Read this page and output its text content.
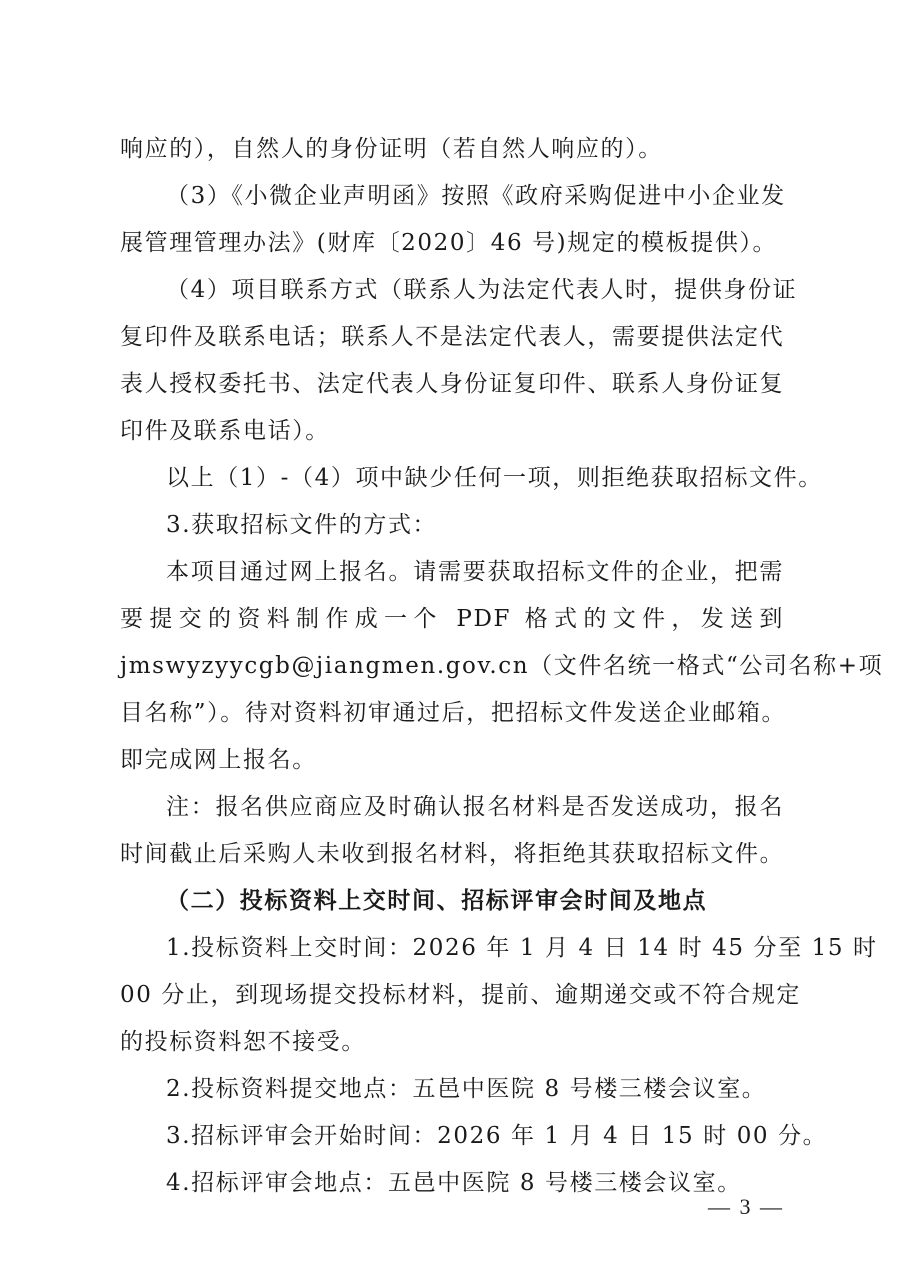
响应的），自然人的身份证明（若自然人响应的）。
（3）《小微企业声明函》按照《政府采购促进中小企业发
展管理管理办法》(财库〔2020〕46 号)规定的模板提供）。
（4）项目联系方式（联系人为法定代表人时，提供身份证
复印件及联系电话；联系人不是法定代表人，需要提供法定代
表人授权委托书、法定代表人身份证复印件、联系人身份证复
印件及联系电话）。
以上（1）-（4）项中缺少任何一项，则拒绝获取招标文件。
3.获取招标文件的方式：
本项目通过网上报名。请需要获取招标文件的企业，把需
要提交的资料制作成一个 PDF 格式的文件，发送到
jmswyzyycgb@jiangmen.gov.cn（文件名统一格式“公司名称+项
目名称”）。待对资料初审通过后，把招标文件发送企业邮箱。
即完成网上报名。
注：报名供应商应及时确认报名材料是否发送成功，报名
时间截止后采购人未收到报名材料，将拒绝其获取招标文件。
（二）投标资料上交时间、招标评审会时间及地点
1.投标资料上交时间：2026 年 1 月 4 日 14 时 45 分至 15 时
00 分止，到现场提交投标材料，提前、逾期递交或不符合规定
的投标资料恕不接受。
2.投标资料提交地点：五邑中医院 8 号楼三楼会议室。
3.招标评审会开始时间：2026 年 1 月 4 日 15 时 00 分。
4.招标评审会地点：五邑中医院 8 号楼三楼会议室。
— 3 —
